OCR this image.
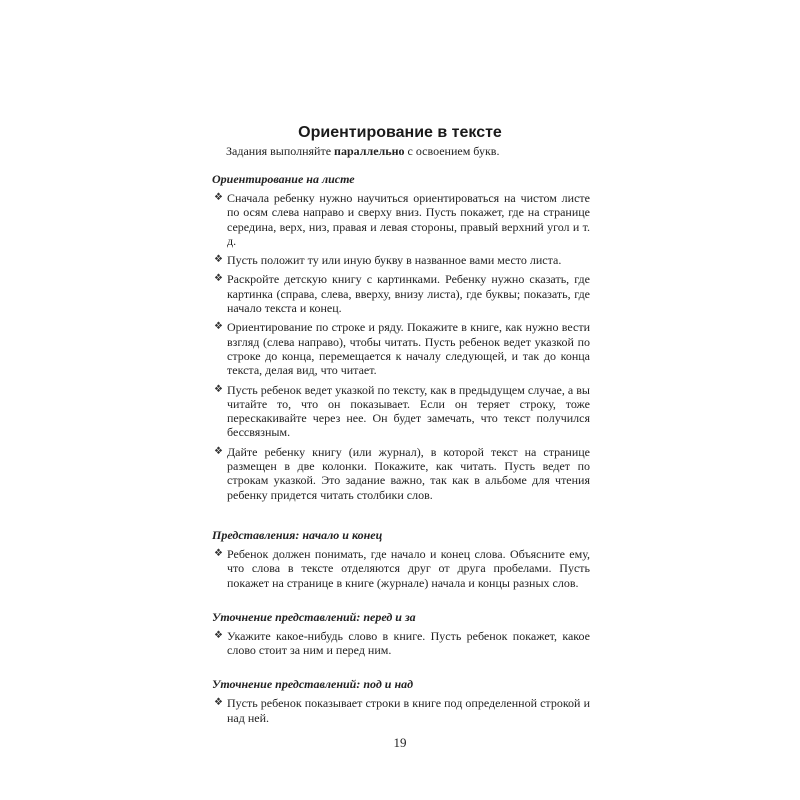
Ориентирование в тексте
Задания выполняйте параллельно с освоением букв.
Ориентирование на листе
❖ Сначала ребенку нужно научиться ориентироваться на чистом листе по осям слева направо и сверху вниз. Пусть покажет, где на странице середина, верх, низ, правая и левая стороны, правый верхний угол и т. д.
❖ Пусть положит ту или иную букву в названное вами место листа.
❖ Раскройте детскую книгу с картинками. Ребенку нужно сказать, где картинка (справа, слева, вверху, внизу листа), где буквы; показать, где начало текста и конец.
❖ Ориентирование по строке и ряду. Покажите в книге, как нужно вести взгляд (слева направо), чтобы читать. Пусть ребенок ведет указкой по строке до конца, перемещается к началу следующей, и так до конца текста, делая вид, что читает.
❖ Пусть ребенок ведет указкой по тексту, как в предыдущем случае, а вы читайте то, что он показывает. Если он теряет строку, тоже перескакивайте через нее. Он будет замечать, что текст получился бессвязным.
❖ Дайте ребенку книгу (или журнал), в которой текст на странице размещен в две колонки. Покажите, как читать. Пусть ведет по строкам указкой. Это задание важно, так как в альбоме для чтения ребенку придется читать столбики слов.
Представления: начало и конец
❖ Ребенок должен понимать, где начало и конец слова. Объясните ему, что слова в тексте отделяются друг от друга пробелами. Пусть покажет на странице в книге (журнале) начала и концы разных слов.
Уточнение представлений: перед и за
❖ Укажите какое-нибудь слово в книге. Пусть ребенок покажет, какое слово стоит за ним и перед ним.
Уточнение представлений: под и над
❖ Пусть ребенок показывает строки в книге под определенной строкой и над ней.
19
